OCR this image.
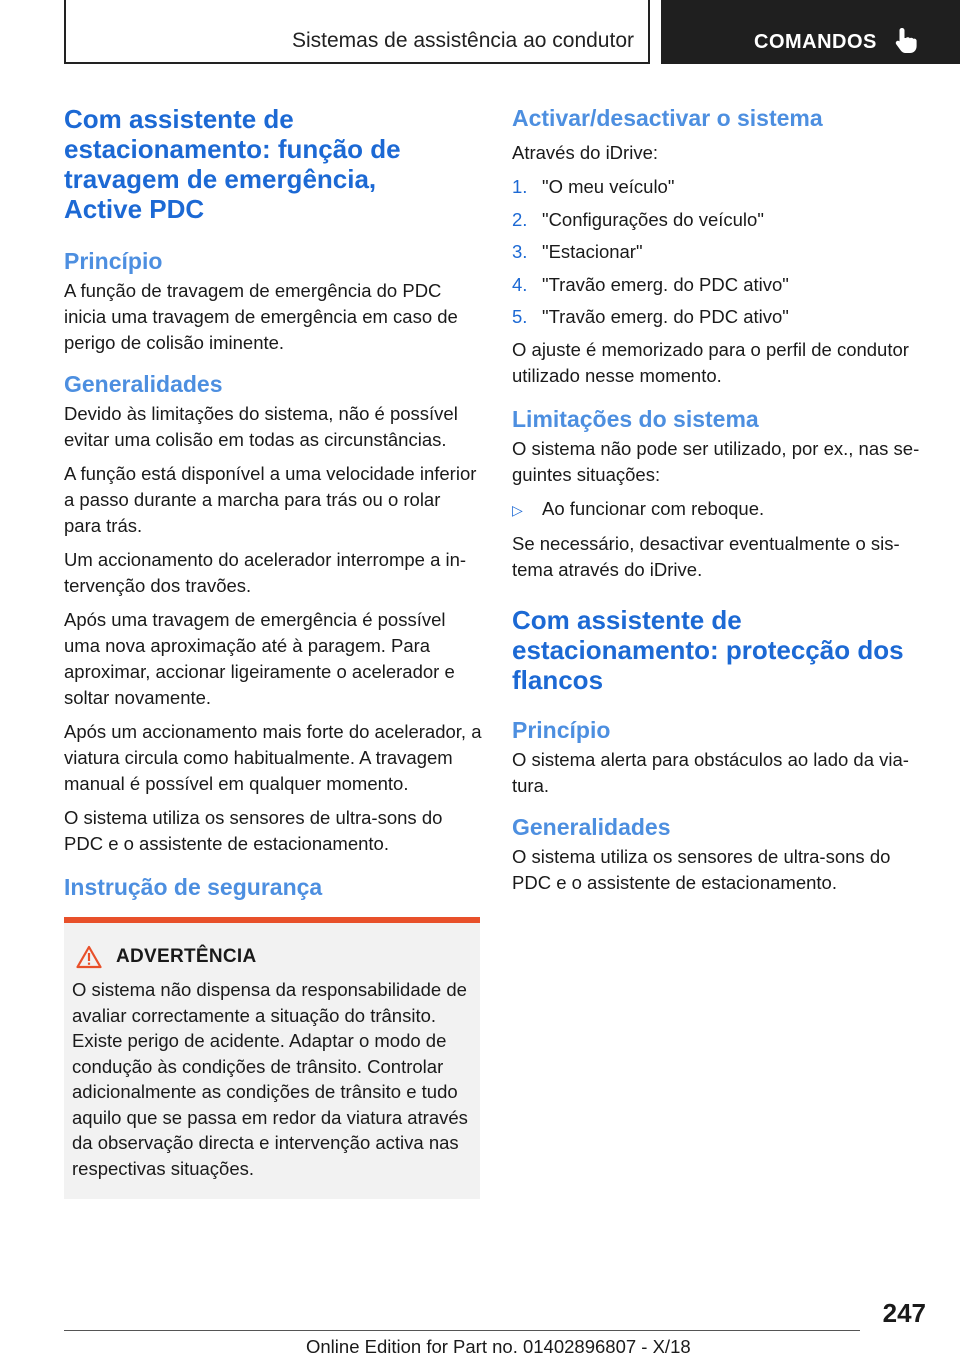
Sistemas de assistência ao condutor	COMANDOS
Com assistente de
estacionamento: função de
travagem de emergência,
Active PDC
Princípio
A função de travagem de emergência do PDC inicia uma travagem de emergência em caso de perigo de colisão iminente.
Generalidades
Devido às limitações do sistema, não é possível evitar uma colisão em todas as circunstâncias.
A função está disponível a uma velocidade inferior a passo durante a marcha para trás ou o rolar para trás.
Um accionamento do acelerador interrompe a intervenção dos travões.
Após uma travagem de emergência é possível uma nova aproximação até à paragem. Para aproximar, accionar ligeiramente o acelerador e soltar novamente.
Após um accionamento mais forte do acelerador, a viatura circula como habitualmente. A travagem manual é possível em qualquer momento.
O sistema utiliza os sensores de ultra-sons do PDC e o assistente de estacionamento.
Instrução de segurança
ADVERTÊNCIA
O sistema não dispensa da responsabilidade de avaliar correctamente a situação do trânsito. Existe perigo de acidente. Adaptar o modo de condução às condições de trânsito. Controlar adicionalmente as condições de trânsito e tudo aquilo que se passa em redor da viatura através da observação directa e intervenção activa nas respectivas situações.
Activar/desactivar o sistema
Através do iDrive:
1. "O meu veículo"
2. "Configurações do veículo"
3. "Estacionar"
4. "Travão emerg. do PDC ativo"
5. "Travão emerg. do PDC ativo"
O ajuste é memorizado para o perfil de condutor utilizado nesse momento.
Limitações do sistema
O sistema não pode ser utilizado, por ex., nas seguintes situações:
▷	Ao funcionar com reboque.
Se necessário, desactivar eventualmente o sistema através do iDrive.
Com assistente de
estacionamento: protecção dos
flancos
Princípio
O sistema alerta para obstáculos ao lado da viatura.
Generalidades
O sistema utiliza os sensores de ultra-sons do PDC e o assistente de estacionamento.
247
Online Edition for Part no. 01402896807 - X/18
